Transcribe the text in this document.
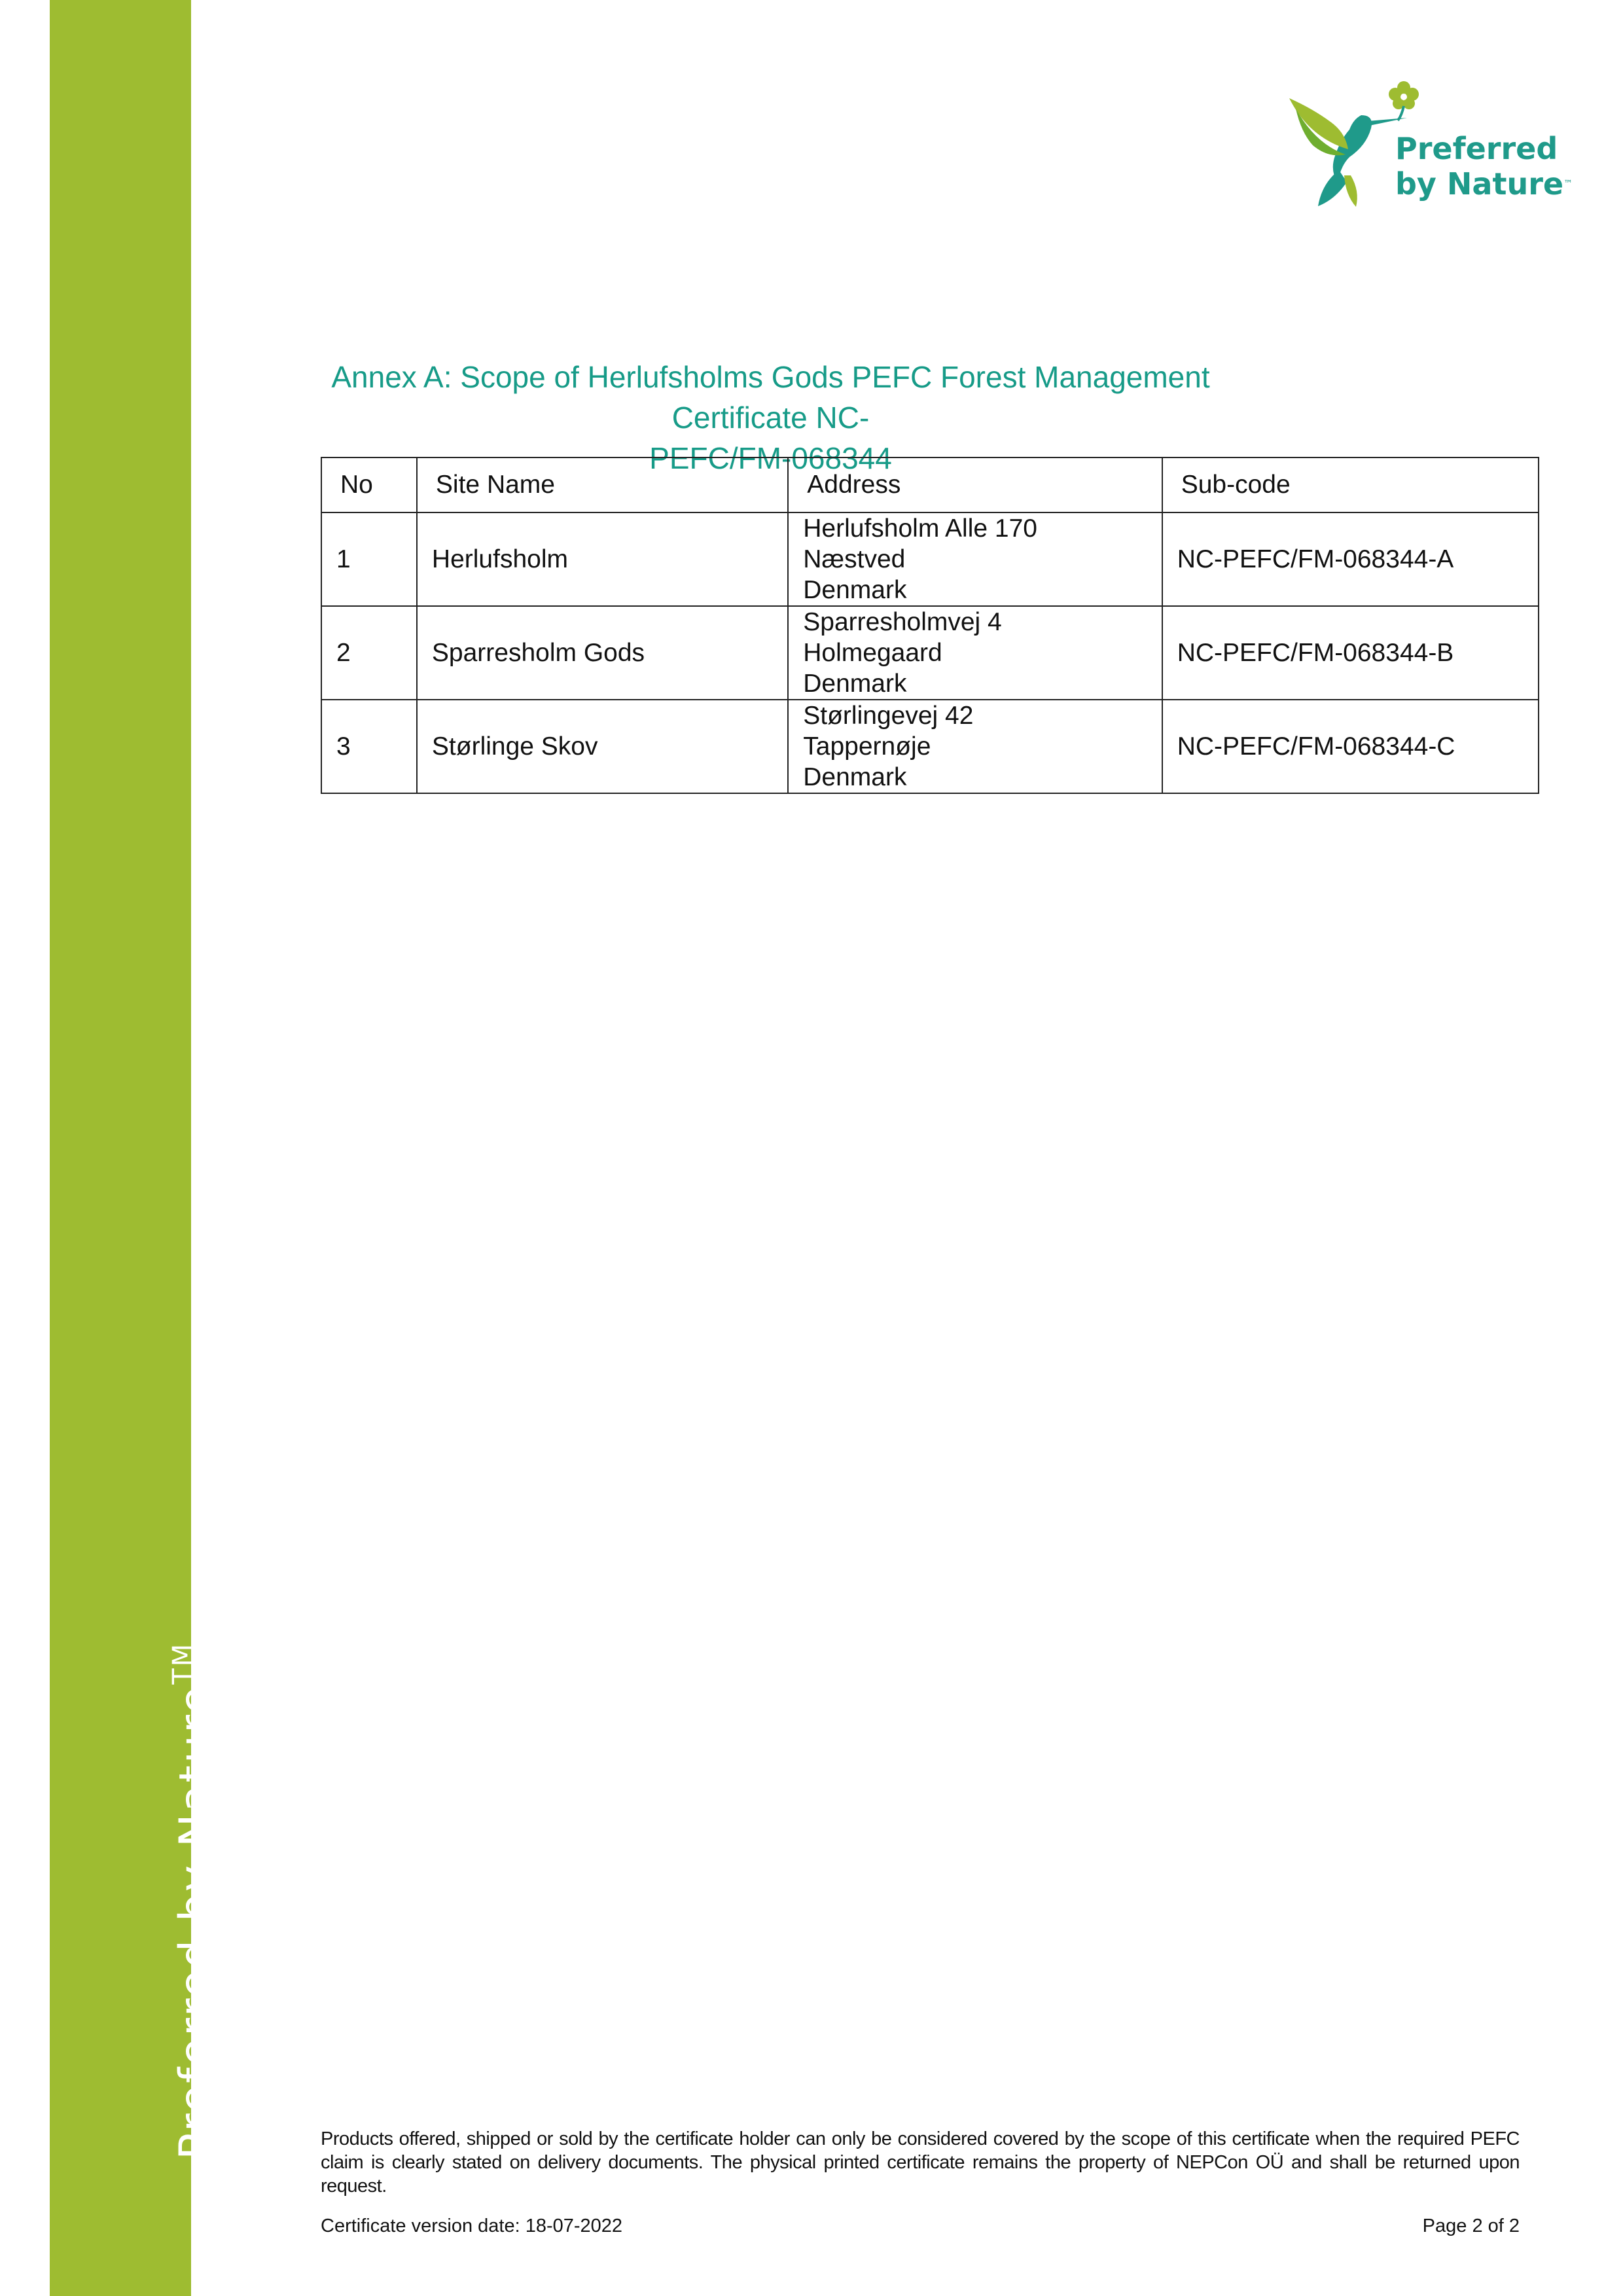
Preferred by Nature™
Preferred
by Nature™
Annex A: Scope of Herlufsholms Gods PEFC Forest Management Certificate NC-
PEFC/FM-068344
No	Site Name	Address	Sub-code
1	Herlufsholm	Herlufsholm Alle 170
Næstved
Denmark	NC-PEFC/FM-068344-A
2	Sparresholm Gods	Sparresholmvej 4
Holmegaard
Denmark	NC-PEFC/FM-068344-B
3	Størlinge Skov	Størlingevej 42
Tappernøje
Denmark	NC-PEFC/FM-068344-C
Products offered, shipped or sold by the certificate holder can only be considered covered by the scope of this certificate when the required PEFC claim is clearly stated on delivery documents. The physical printed certificate remains the property of NEPCon OÜ and shall be returned upon request.
Certificate version date: 18-07-2022	Page 2 of 2
